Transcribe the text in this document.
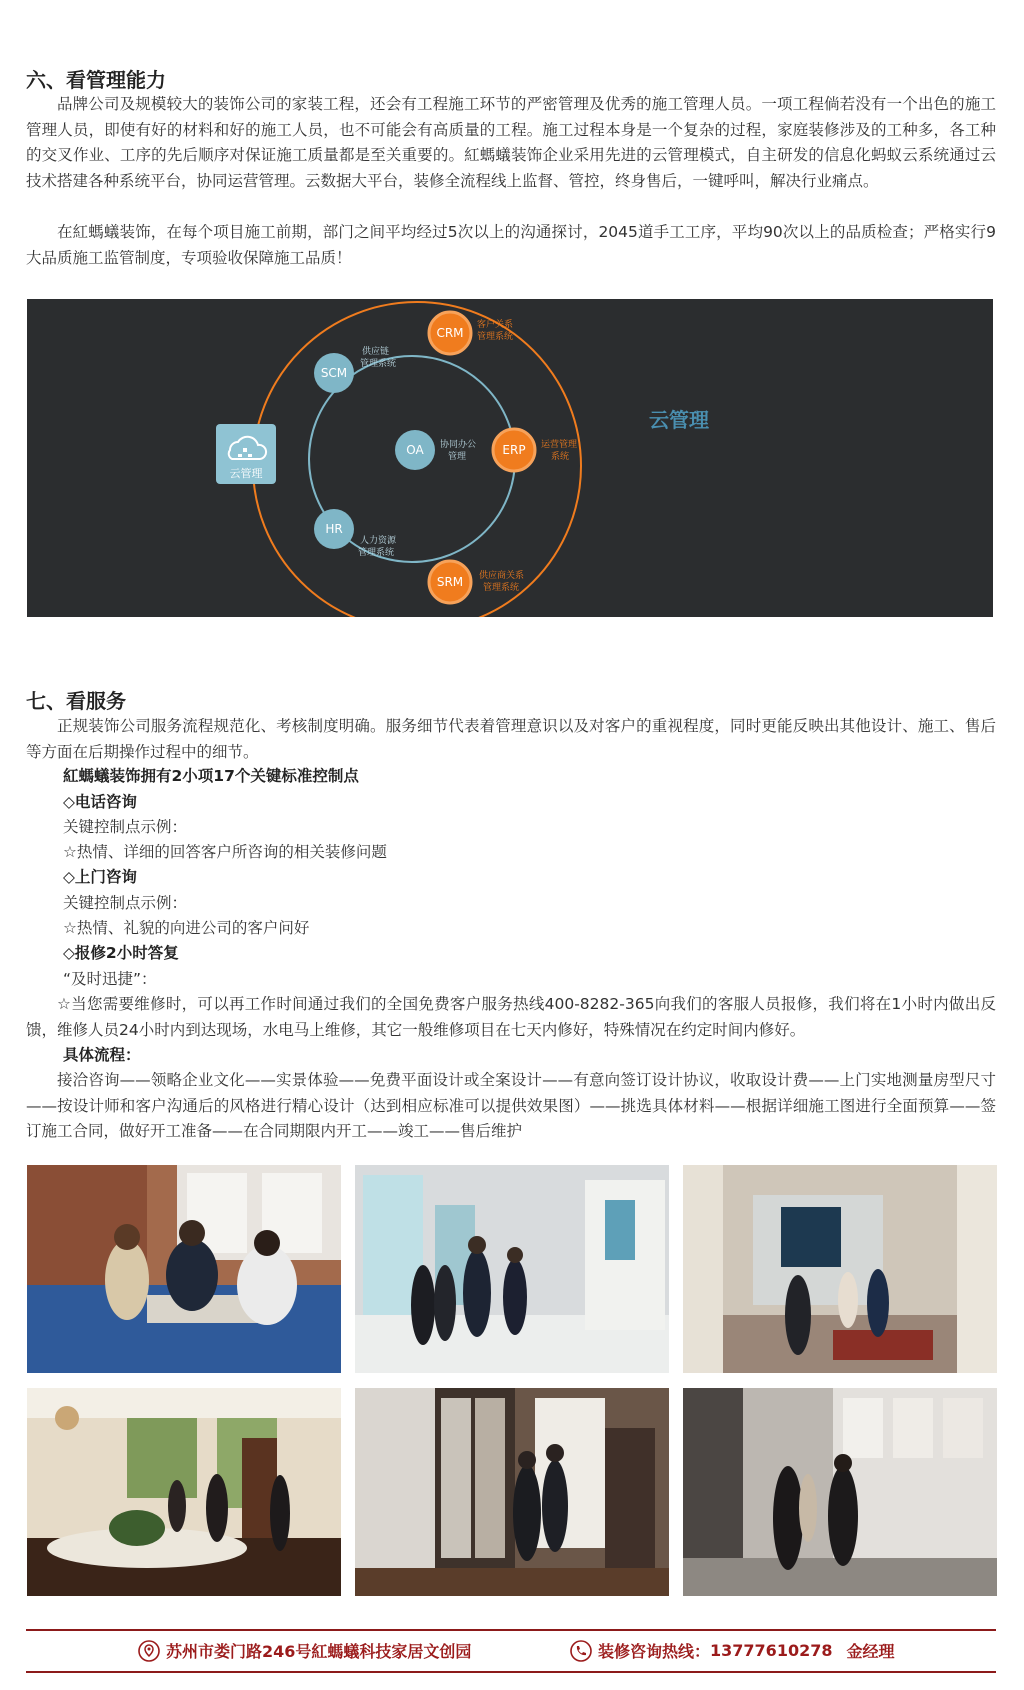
六、看管理能力

品牌公司及规模较大的装饰公司的家装工程，还会有工程施工环节的严密管理及优秀的施工管理人员。一项工程倘若没有一个出色的施工管理人员，即使有好的材料和好的施工人员，也不可能会有高质量的工程。施工过程本身是一个复杂的过程，家庭装修涉及的工种多，各工种的交叉作业、工序的先后顺序对保证施工质量都是至关重要的。紅螞蟻装饰企业采用先进的云管理模式，自主研发的信息化蚂蚁云系统通过云技术搭建各种系统平台，协同运营管理。云数据大平台，装修全流程线上监督、管控，终身售后，一键呼叫，解决行业痛点。

在紅螞蟻装饰，在每个项目施工前期，部门之间平均经过5次以上的沟通探讨，2045道手工工序，平均90次以上的品质检查；严格实行9大品质施工监管制度，专项验收保障施工品质！

云管理
CRM
客户关系
管理系统
SCM
供应链
管理系统
OA 协同办公
管理	ERP 运营管理
系统
HR
人力资源
管理系统
SRM 供应商关系
管理系统
云管理
七、看服务

正规装饰公司服务流程规范化、考核制度明确。服务细节代表着管理意识以及对客户的重视程度，同时更能反映出其他设计、施工、售后等方面在后期操作过程中的细节。

紅螞蟻装饰拥有2小项17个关键标准控制点

◇电话咨询

关键控制点示例：

☆热情、详细的回答客户所咨询的相关装修问题

◇上门咨询

关键控制点示例：

☆热情、礼貌的向进公司的客户问好

◇报修2小时答复

“及时迅捷”：

☆当您需要维修时，可以再工作时间通过我们的全国免费客户服务热线400-8282-365向我们的客服人员报修，我们将在1小时内做出反馈，维修人员24小时内到达现场，水电马上维修，其它一般维修项目在七天内修好，特殊情况在约定时间内修好。

具体流程：

接洽咨询——领略企业文化——实景体验——免费平面设计或全案设计——有意向签订设计协议，收取设计费——上门实地测量房型尺寸——按设计师和客户沟通后的风格进行精心设计（达到相应标准可以提供效果图）——挑选具体材料——根据详细施工图进行全面预算——签订施工合同，做好开工准备——在合同期限内开工——竣工——售后维护

苏州市娄门路246号紅螞蟻科技家居文创园	装修咨询热线： 13777610278 金经理
